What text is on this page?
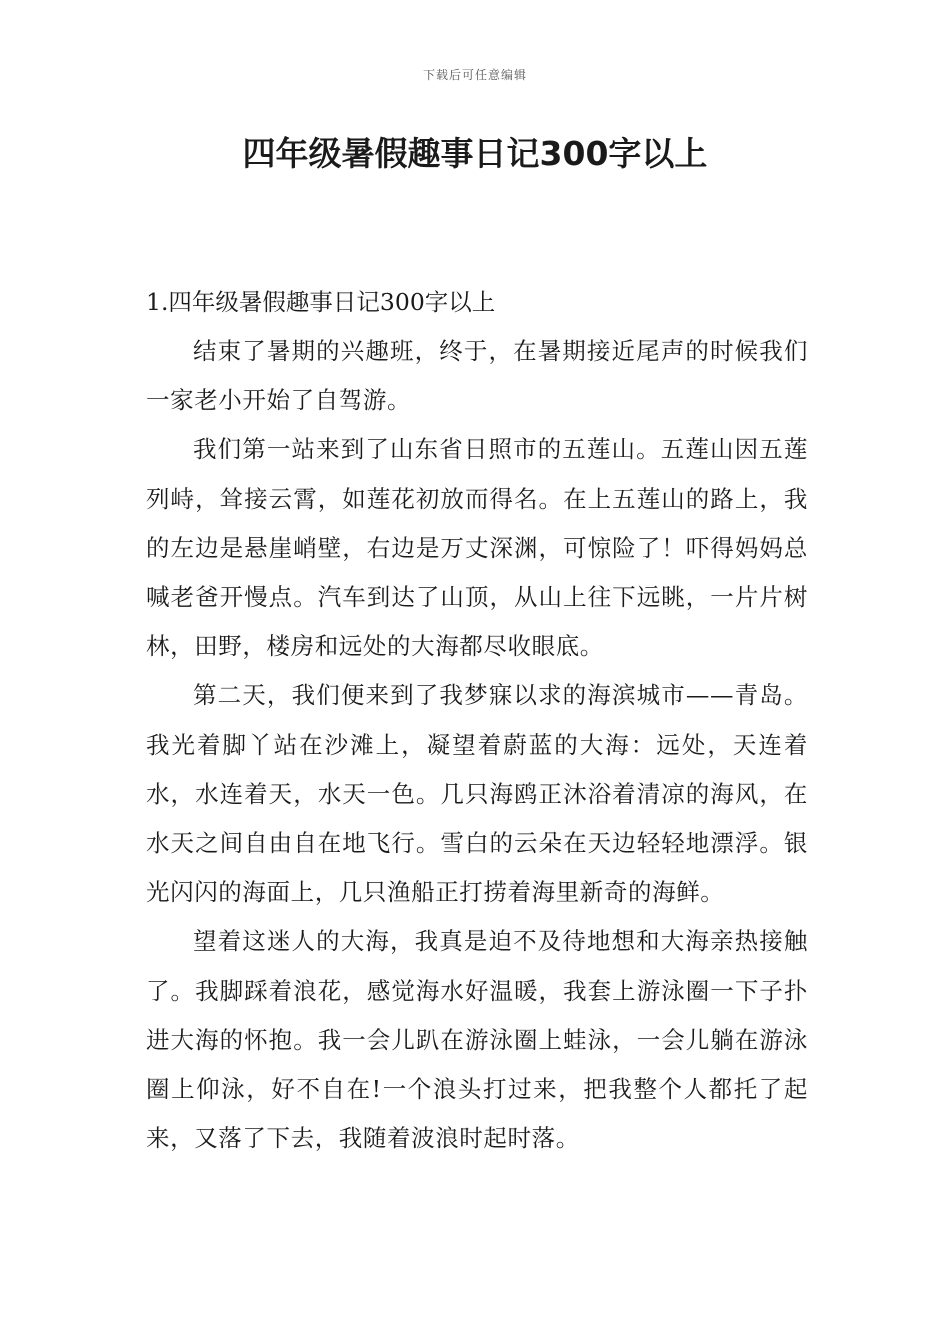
下载后可任意编辑
四年级暑假趣事日记300字以上

1.四年级暑假趣事日记300字以上

结束了暑期的兴趣班，终于，在暑期接近尾声的时候我们一家老小开始了自驾游。

我们第一站来到了山东省日照市的五莲山。五莲山因五莲列峙，耸接云霄，如莲花初放而得名。在上五莲山的路上，我的左边是悬崖峭壁，右边是万丈深渊，可惊险了！吓得妈妈总喊老爸开慢点。汽车到达了山顶，从山上往下远眺，一片片树林，田野，楼房和远处的大海都尽收眼底。

第二天，我们便来到了我梦寐以求的海滨城市——青岛。我光着脚丫站在沙滩上，凝望着蔚蓝的大海：远处，天连着水，水连着天，水天一色。几只海鸥正沐浴着清凉的海风，在水天之间自由自在地飞行。雪白的云朵在天边轻轻地漂浮。银光闪闪的海面上，几只渔船正打捞着海里新奇的海鲜。

望着这迷人的大海，我真是迫不及待地想和大海亲热接触了。我脚踩着浪花，感觉海水好温暖，我套上游泳圈一下子扑进大海的怀抱。我一会儿趴在游泳圈上蛙泳，一会儿躺在游泳圈上仰泳，好不自在!一个浪头打过来，把我整个人都托了起来，又落了下去，我随着波浪时起时落。
